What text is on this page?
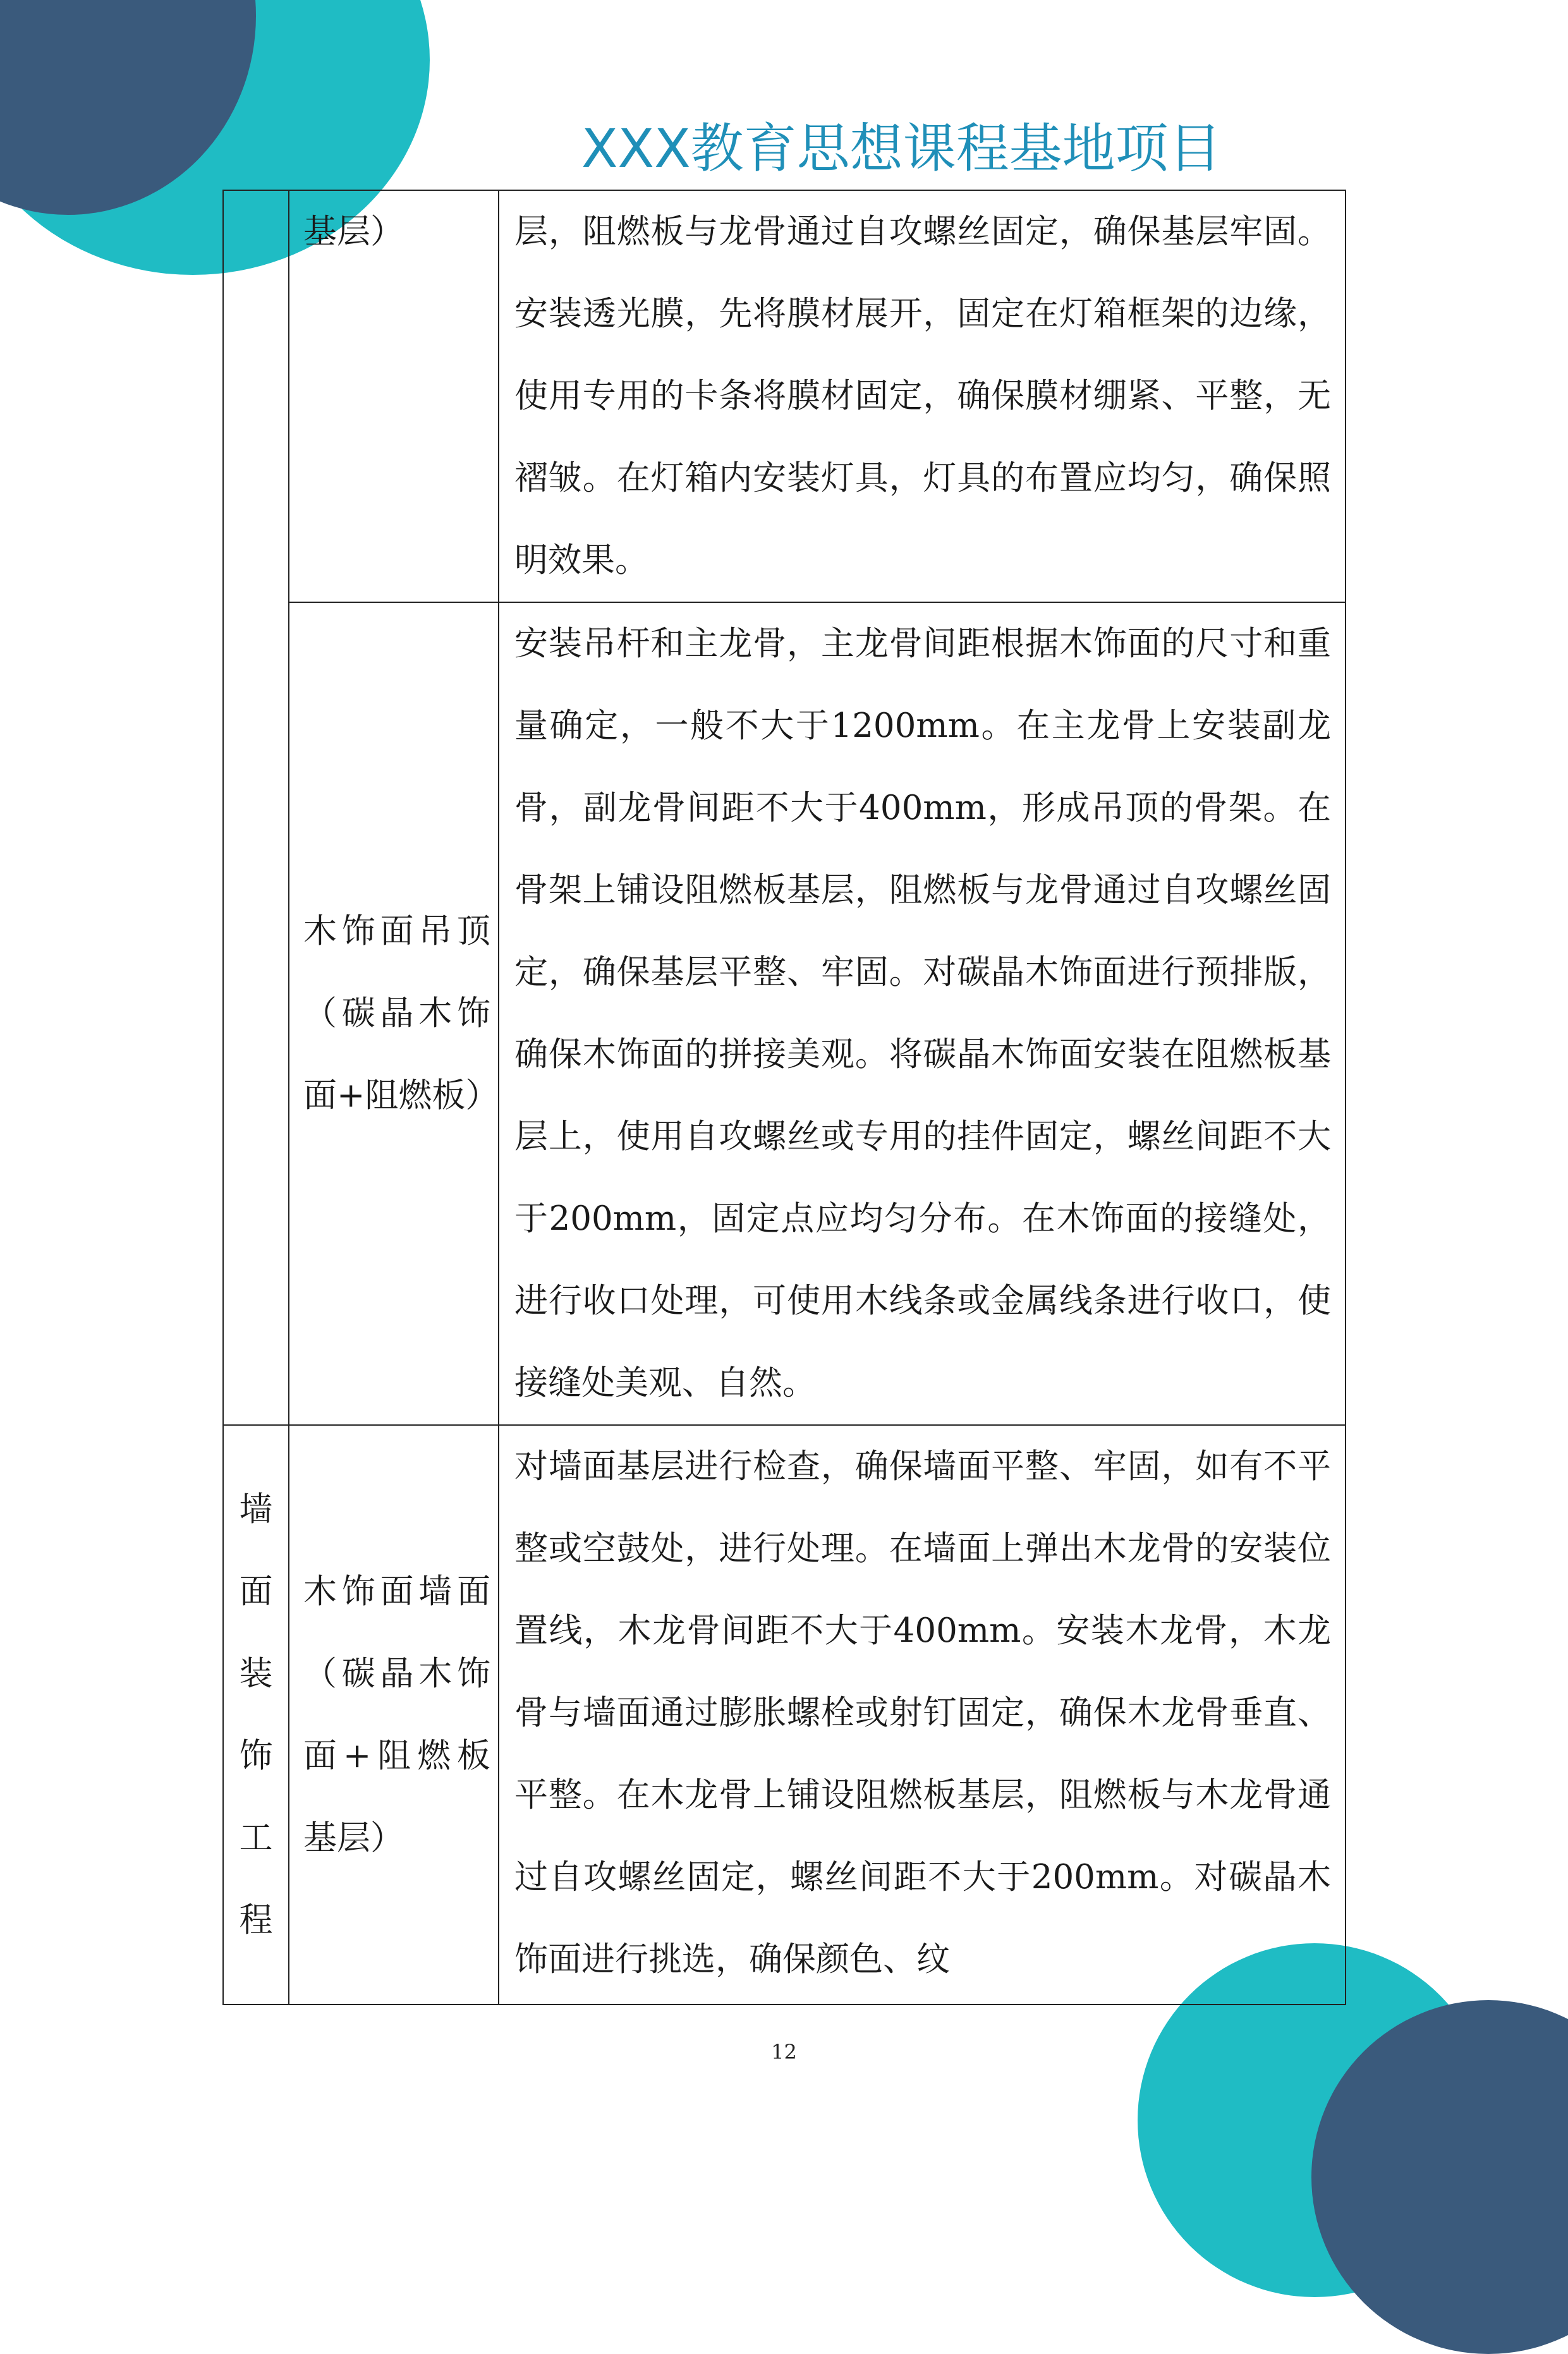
XXX教育思想课程基地项目

	基层）	层，阻燃板与龙骨通过自攻螺丝固定，确保基层牢固。安装透光膜，先将膜材展开，固定在灯箱框架的边缘，使用专用的卡条将膜材固定，确保膜材绷紧、平整，无褶皱。在灯箱内安装灯具，灯具的布置应均匀，确保照明效果。

	木饰面吊顶（碳晶木饰面+阻燃板）	安装吊杆和主龙骨，主龙骨间距根据木饰面的尺寸和重量确定，一般不大于1200mm。在主龙骨上安装副龙骨，副龙骨间距不大于400mm，形成吊顶的骨架。在骨架上铺设阻燃板基层，阻燃板与龙骨通过自攻螺丝固定，确保基层平整、牢固。对碳晶木饰面进行预排版，确保木饰面的拼接美观。将碳晶木饰面安装在阻燃板基层上，使用自攻螺丝或专用的挂件固定，螺丝间距不大于200mm，固定点应均匀分布。在木饰面的接缝处，进行收口处理，可使用木线条或金属线条进行收口，使接缝处美观、自然。

墙面装饰工程	木饰面墙面（碳晶木饰面+阻燃板基层）	对墙面基层进行检查，确保墙面平整、牢固，如有不平整或空鼓处，进行处理。在墙面上弹出木龙骨的安装位置线，木龙骨间距不大于400mm。安装木龙骨，木龙骨与墙面通过膨胀螺栓或射钉固定，确保木龙骨垂直、平整。在木龙骨上铺设阻燃板基层，阻燃板与木龙骨通过自攻螺丝固定，螺丝间距不大于200mm。对碳晶木饰面进行挑选，确保颜色、纹

12
